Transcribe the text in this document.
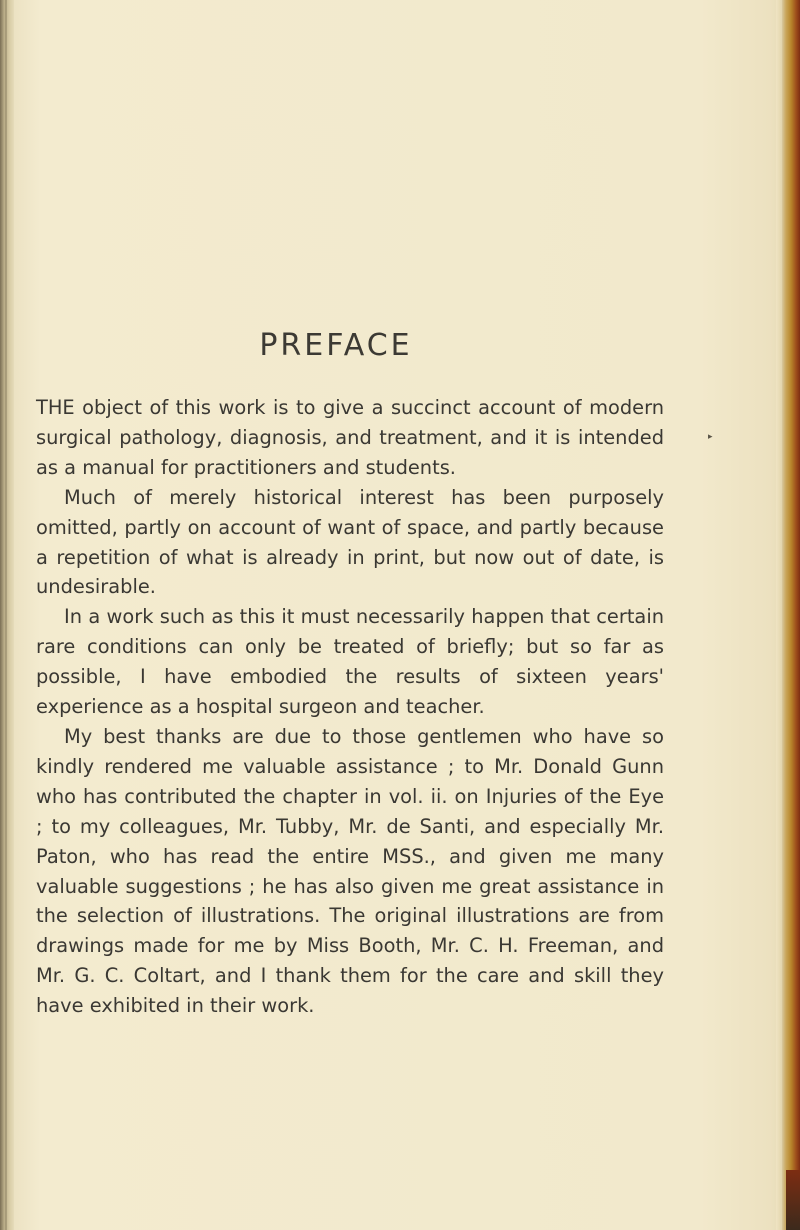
▸
PREFACE

THE object of this work is to give a succinct account of modern surgical pathology, diagnosis, and treatment, and it is intended as a manual for practitioners and students.

Much of merely historical interest has been purposely omitted, partly on account of want of space, and partly because a repetition of what is already in print, but now out of date, is undesirable.

In a work such as this it must necessarily happen that certain rare conditions can only be treated of briefly; but so far as possible, I have embodied the results of sixteen years' experience as a hospital surgeon and teacher.

My best thanks are due to those gentlemen who have so kindly rendered me valuable assistance ; to Mr. Donald Gunn who has contributed the chapter in vol. ii. on Injuries of the Eye ; to my colleagues, Mr. Tubby, Mr. de Santi, and especially Mr. Paton, who has read the entire MSS., and given me many valuable suggestions ; he has also given me great assistance in the selection of illustrations. The original illustrations are from drawings made for me by Miss Booth, Mr. C. H. Freeman, and Mr. G. C. Coltart, and I thank them for the care and skill they have exhibited in their work.
